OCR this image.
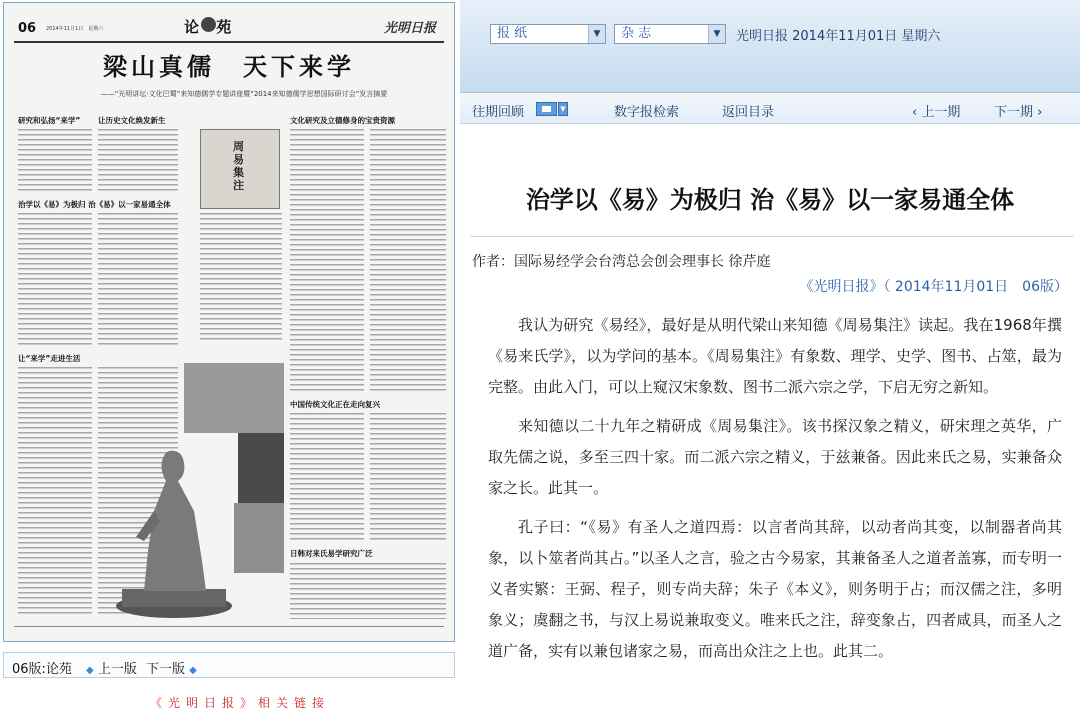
06 2014年11月1日　星期六	论 苑	光明日报
梁山真儒　天下来学
——“光明讲坛·文化巴蜀”来知德儒学专题讲座暨“2014来知德儒学思想国际研讨会”发言摘要
研究和弘扬“来学” 让历史文化焕发新生	文化研究及立德修身的宝贵资源
治学以《易》为极归 治《易》以一家易通全体
让“来学”走进生活
中国传统文化正在走向复兴
日韩对来氏易学研究广泛
周易集注

06版:论苑 ◆ 上一版 下一版 ◆
报 纸	▼	杂 志	▼	光明日报 2014年11月01日 星期六
往期回顾	▼	数字报检索	返回目录	‹ 上一期	下一期 ›
治学以《易》为极归 治《易》以一家易通全体
作者：国际易经学会台湾总会创会理事长 徐芹庭
《光明日报》（ 2014年11月01日　06版）

我认为研究《易经》，最好是从明代梁山来知德《周易集注》读起。我在1968年撰《易来氏学》，以为学问的基本。《周易集注》有象数、理学、史学、图书、占筮，最为完整。由此入门，可以上窥汉宋象数、图书二派六宗之学，下启无穷之新知。

来知德以二十九年之精研成《周易集注》。该书探汉象之精义，研宋理之英华，广取先儒之说，多至三四十家。而二派六宗之精义，于兹兼备。因此来氏之易，实兼备众家之长。此其一。

孔子曰：“《易》有圣人之道四焉：以言者尚其辞，以动者尚其变，以制器者尚其象，以卜筮者尚其占。”以圣人之言，验之古今易家，其兼备圣人之道者盖寡，而专明一义者实繁：王弼、程子，则专尚夫辞；朱子《本义》，则务明于占；而汉儒之注，多明象义；虞翻之书，与汉上易说兼取变义。唯来氏之注，辞变象占，四者咸具，而圣人之道广备，实有以兼包诸家之易，而高出众注之上也。此其二。

《光明日报》相关链接
